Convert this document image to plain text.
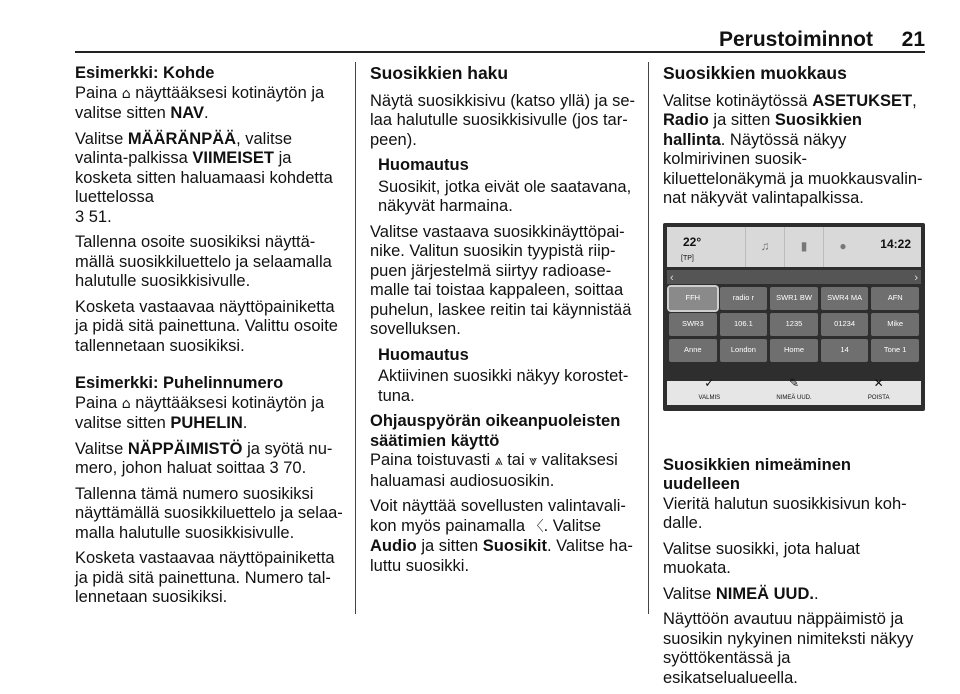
Perustoiminnot 21

Esimerkki: Kohde

Paina ⌂ näyttääksesi kotinäytön ja valitse sitten NAV.

Valitse MÄÄRÄNPÄÄ, valitse valinta-palkissa VIIMEISET ja kosketa sitten haluamaasi kohdetta luettelossa
3 51.

Tallenna osoite suosikiksi näyttä-mällä suosikkiluettelo ja selaamalla halutulle suosikkisivulle.

Kosketa vastaavaa näyttöpainiketta ja pidä sitä painettuna. Valittu osoite tallennetaan suosikiksi.

Esimerkki: Puhelinnumero

Paina ⌂ näyttääksesi kotinäytön ja valitse sitten PUHELIN.

Valitse NÄPPÄIMISTÖ ja syötä nu-mero, johon haluat soittaa 3 70.

Tallenna tämä numero suosikiksi näyttämällä suosikkiluettelo ja selaa-malla halutulle suosikkisivulle.

Kosketa vastaavaa näyttöpainiketta ja pidä sitä painettuna. Numero tal-lennetaan suosikiksi.

Suosikkien haku

Näytä suosikkisivu (katso yllä) ja se-laa halutulle suosikkisivulle (jos tar-peen).

Huomautus
Suosikit, jotka eivät ole saatavana, näkyvät harmaina.

Valitse vastaava suosikkinäyttöpai-nike. Valitun suosikin tyypistä riip-puen järjestelmä siirtyy radioase-malle tai toistaa kappaleen, soittaa puhelun, laskee reitin tai käynnistää sovelluksen.

Huomautus
Aktiivinen suosikki näkyy korostet-tuna.

Ohjauspyörän oikeanpuoleisten säätimien käyttö

Paina toistuvasti ⩓ tai ⩔ valitaksesi haluamasi audiosuosikin.

Voit näyttää sovellusten valintavali-kon myös painamalla 〈. Valitse Audio ja sitten Suosikit. Valitse ha-luttu suosikki.

Suosikkien muokkaus

Valitse kotinäytössä ASETUKSET, Radio ja sitten Suosikkien hallinta. Näytössä näkyy kolmirivinen suosik-kiluettelonäkymä ja muokkausvalin-nat näkyvät valintapalkissa.

22°
[TP]
♫	▮	●	14:22
‹	›
FFH	radio r	SWR1 BW	SWR4 MA	AFN
SWR3	106.1	1235	01234	Mike
Anne	London	Home	14	Tone 1
✓
VALMIS
✎
NIMEÄ UUD.
✕
POISTA

Suosikkien nimeäminen uudelleen

Vieritä halutun suosikkisivun koh-dalle.

Valitse suosikki, jota haluat muokata.

Valitse NIMEÄ UUD..

Näyttöön avautuu näppäimistö ja suosikin nykyinen nimiteksti näkyy syöttökentässä ja esikatselualueella.
